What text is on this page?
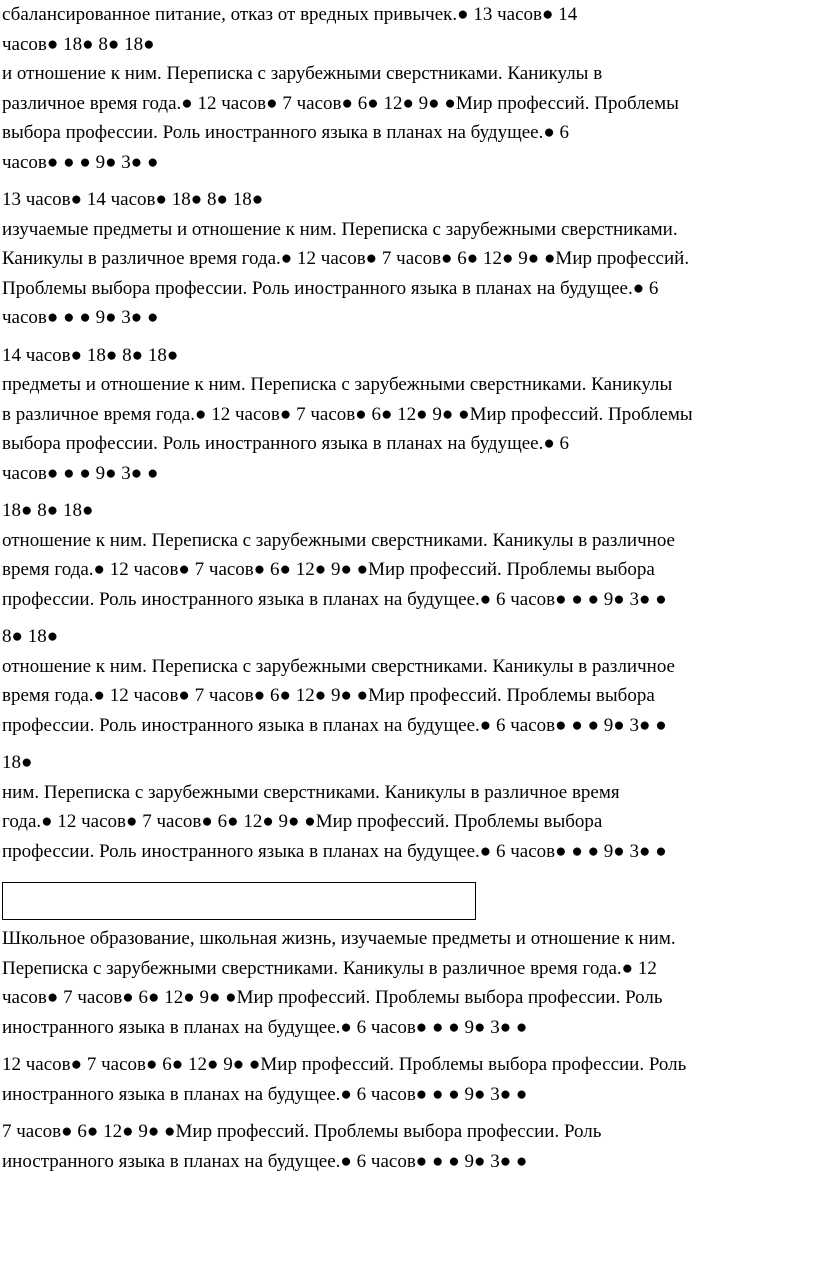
сбалансированное питание, отказ от вредных привычек.● 13 часов● 14
часов● 18● 8● 18●
и отношение к ним. Переписка с зарубежными сверстниками. Каникулы в
различное время года.● 12 часов● 7 часов● 6● 12● 9● ●Мир профессий. Проблемы
выбора профессии. Роль иностранного языка в планах на будущее.● 6
часов● ● ● 9● 3● ●
13 часов● 14 часов● 18● 8● 18●
изучаемые предметы и отношение к ним. Переписка с зарубежными сверстниками.
Каникулы в различное время года.● 12 часов● 7 часов● 6● 12● 9● ●Мир профессий.
Проблемы выбора профессии. Роль иностранного языка в планах на будущее.● 6
часов● ● ● 9● 3● ●
14 часов● 18● 8● 18●
предметы и отношение к ним. Переписка с зарубежными сверстниками. Каникулы
в различное время года.● 12 часов● 7 часов● 6● 12● 9● ●Мир профессий. Проблемы
выбора профессии. Роль иностранного языка в планах на будущее.● 6
часов● ● ● 9● 3● ●
18● 8● 18●
отношение к ним. Переписка с зарубежными сверстниками. Каникулы в различное
время года.● 12 часов● 7 часов● 6● 12● 9● ●Мир профессий. Проблемы выбора
профессии. Роль иностранного языка в планах на будущее.● 6 часов● ● ● 9● 3● ●
8● 18●
отношение к ним. Переписка с зарубежными сверстниками. Каникулы в различное
время года.● 12 часов● 7 часов● 6● 12● 9● ●Мир профессий. Проблемы выбора
профессии. Роль иностранного языка в планах на будущее.● 6 часов● ● ● 9● 3● ●
18●
ним. Переписка с зарубежными сверстниками. Каникулы в различное время
года.● 12 часов● 7 часов● 6● 12● 9● ●Мир профессий. Проблемы выбора
профессии. Роль иностранного языка в планах на будущее.● 6 часов● ● ● 9● 3● ●
Школьное образование, школьная жизнь, изучаемые предметы и отношение к ним.
Переписка с зарубежными сверстниками. Каникулы в различное время года.● 12
часов● 7 часов● 6● 12● 9● ●Мир профессий. Проблемы выбора профессии. Роль
иностранного языка в планах на будущее.● 6 часов● ● ● 9● 3● ●
12 часов● 7 часов● 6● 12● 9● ●Мир профессий. Проблемы выбора профессии. Роль
иностранного языка в планах на будущее.● 6 часов● ● ● 9● 3● ●
7 часов● 6● 12● 9● ●Мир профессий. Проблемы выбора профессии. Роль
иностранного языка в планах на будущее.● 6 часов● ● ● 9● 3● ●
